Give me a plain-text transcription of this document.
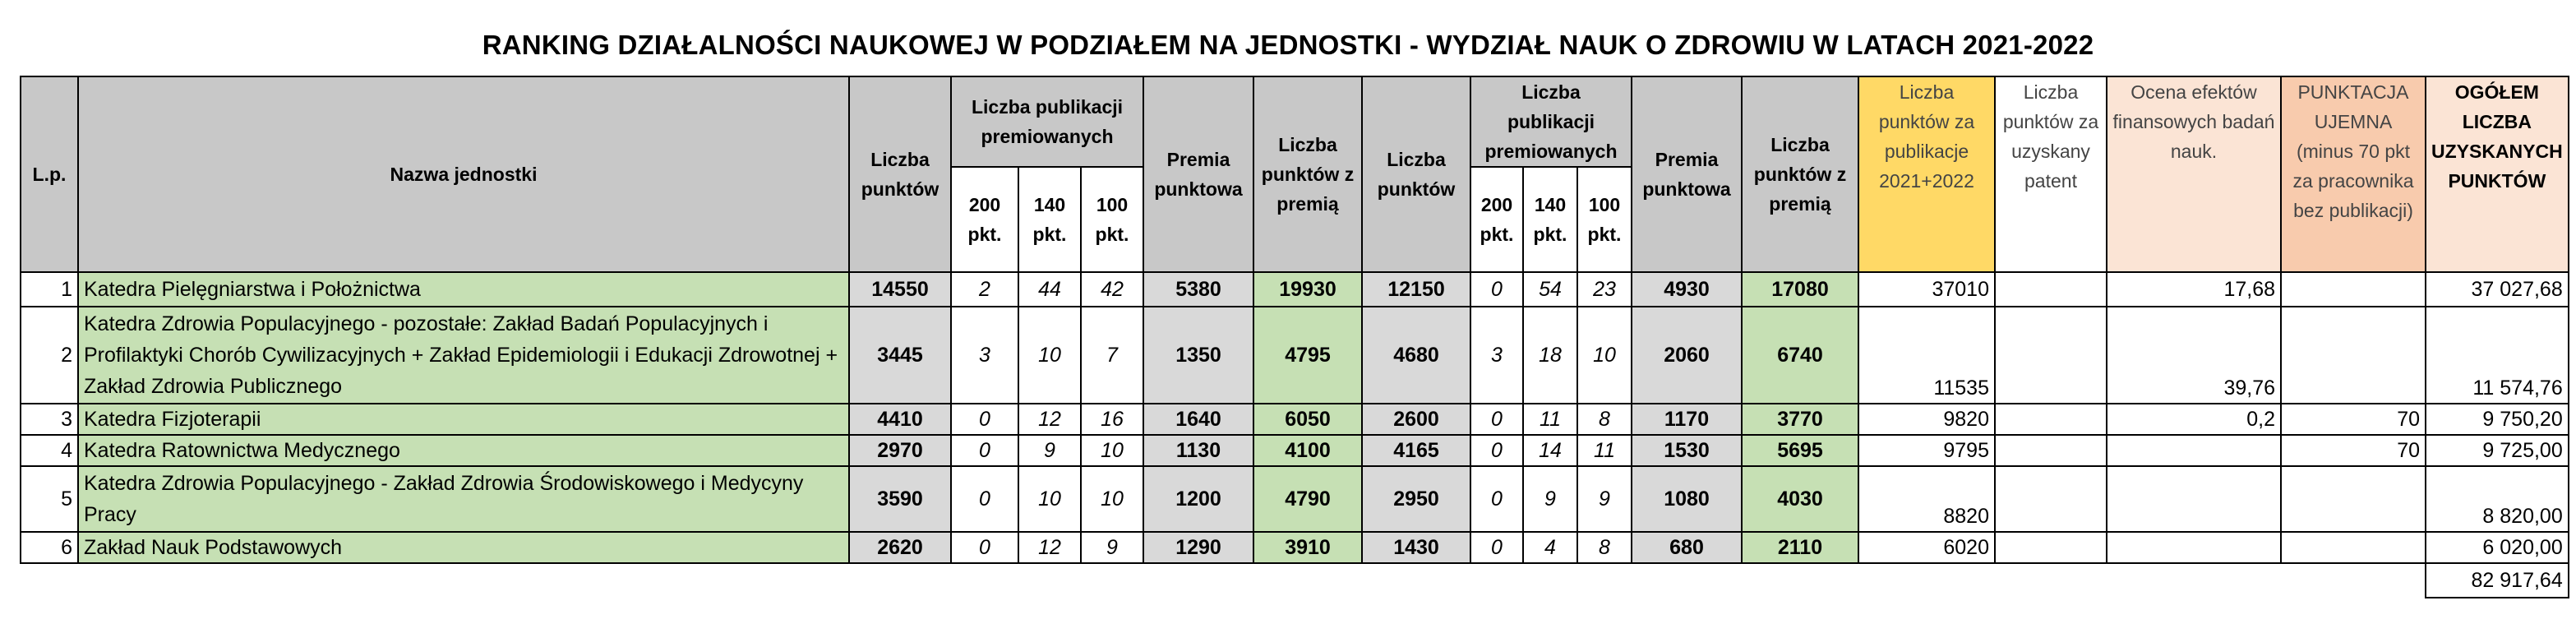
RANKING DZIAŁALNOŚCI NAUKOWEJ W PODZIAŁEM NA JEDNOSTKI - WYDZIAŁ NAUK O ZDROWIU W LATACH 2021-2022
L.p.	Nazwa jednostki	Liczba punktów	Liczba publikacji premiowanych			Premia punktowa	Liczba punktów z premią	Liczba punktów	Liczba publikacji premiowanych			Premia punktowa	Liczba punktów z premią	Liczba punktów za publikacje 2021+2022	Liczba punktów za uzyskany patent	Ocena efektów finansowych badań nauk.	PUNKTACJA UJEMNA (minus 70 pkt za pracownika bez publikacji)	OGÓŁEM LICZBA UZYSKANYCH PUNKTÓW
			200 pkt.	140 pkt.	100 pkt.				200 pkt.	140 pkt.	100 pkt.							
1	Katedra Pielęgniarstwa i Położnictwa	14550	2	44	42	5380	19930	12150	0	54	23	4930	17080	37010		17,68		37 027,68
2	Katedra Zdrowia Populacyjnego - pozostałe: Zakład Badań Populacyjnych i Profilaktyki Chorób Cywilizacyjnych + Zakład Epidemiologii i Edukacji Zdrowotnej + Zakład Zdrowia Publicznego	3445	3	10	7	1350	4795	4680	3	18	10	2060	6740	11535		39,76		11 574,76
3	Katedra Fizjoterapii	4410	0	12	16	1640	6050	2600	0	11	8	1170	3770	9820		0,2	70	9 750,20
4	Katedra Ratownictwa Medycznego	2970	0	9	10	1130	4100	4165	0	14	11	1530	5695	9795			70	9 725,00
5	Katedra Zdrowia Populacyjnego - Zakład Zdrowia Środowiskowego i Medycyny Pracy	3590	0	10	10	1200	4790	2950	0	9	9	1080	4030	8820				8 820,00
6	Zakład Nauk Podstawowych	2620	0	12	9	1290	3910	1430	0	4	8	680	2110	6020				6 020,00
																		82 917,64
